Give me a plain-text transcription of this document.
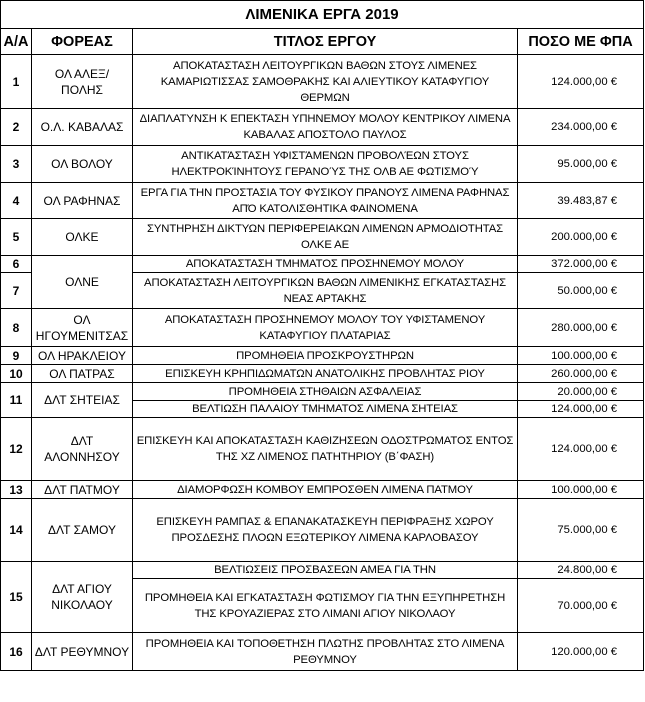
ΛΙΜΕΝΙΚΑ ΕΡΓΑ 2019			
Α/Α	ΦΟΡΕΑΣ	ΤΙΤΛΟΣ ΕΡΓΟΥ	ΠΟΣΟ ΜΕ ΦΠΑ
1	ΟΛ ΑΛΕΞ/ΠΟΛΗΣ	ΑΠΟΚΑΤΑΣΤΑΣΗ ΛΕΙΤΟΥΡΓΙΚΩΝ ΒΑΘΩΝ ΣΤΟΥΣ ΛΙΜΕΝΕΣ ΚΑΜΑΡΙΩΤΙΣΣΑΣ ΣΑΜΟΘΡΑΚΗΣ ΚΑΙ ΑΛΙΕΥΤΙΚΟΥ ΚΑΤΑΦΥΓΙΟΥ ΘΕΡΜΩΝ	124.000,00 €
2	Ο.Λ. ΚΑΒΑΛΑΣ	ΔΙΑΠΛΑΤΥΝΣΗ Κ ΕΠΕΚΤΑΣΗ ΥΠΗΝΕΜΟΥ ΜΟΛΟΥ ΚΕΝΤΡΙΚΟΥ ΛΙΜΕΝΑ ΚΑΒΑΛΑΣ ΑΠΟΣΤΟΛΟ ΠΑΥΛΟΣ	234.000,00 €
3	ΟΛ ΒΟΛΟΥ	ΑΝΤΙΚΑΤΆΣΤΑΣΗ ΥΦΙΣΤΆΜΕΝΩΝ ΠΡΟΒΟΛΈΩΝ ΣΤΟΥΣ ΗΛΕΚΤΡΟΚΊΝΗΤΟΥΣ ΓΕΡΑΝΟΎΣ ΤΗΣ ΟΛΒ ΑΕ ΦΩΤΙΣΜΟΎ	95.000,00 €
4	ΟΛ ΡΑΦΗΝΑΣ	ΕΡΓΑ ΓΙΑ ΤΗΝ ΠΡΟΣΤΑΣΙΑ ΤΟΥ ΦΥΣΙΚΟΥ ΠΡΑΝΟΥΣ ΛΙΜΕΝΑ ΡΑΦΗΝΑΣ ΑΠΌ ΚΑΤΟΛΙΣΘΗΤΙΚΑ ΦΑΙΝΟΜΕΝΑ	39.483,87 €
5	ΟΛΚΕ	ΣΥΝΤΗΡΗΣΗ ΔΙΚΤΥΩΝ ΠΕΡΙΦΕΡΕΙΑΚΩΝ ΛΙΜΕΝΩΝ ΑΡΜΟΔΙΟΤΗΤΑΣ ΟΛΚΕ ΑΕ	200.000,00 €
6	ΟΛΝΕ	ΑΠΟΚΑΤΑΣΤΑΣΗ ΤΜΗΜΑΤΟΣ ΠΡΟΣΗΝΕΜΟΥ ΜΟΛΟΥ	372.000,00 €
7		ΑΠΟΚΑΤΑΣΤΑΣΗ ΛΕΙΤΟΥΡΓΙΚΩΝ ΒΑΘΩΝ ΛΙΜΕΝΙΚΗΣ ΕΓΚΑΤΑΣΤΑΣΗΣ ΝΕΑΣ ΑΡΤΑΚΗΣ	50.000,00 €
8	ΟΛ ΗΓΟΥΜΕΝΙΤΣΑΣ	ΑΠΟΚΑΤΑΣΤΑΣΗ ΠΡΟΣΗΝΕΜΟΥ ΜΟΛΟΥ ΤΟΥ ΥΦΙΣΤΑΜΕΝΟΥ ΚΑΤΑΦΥΓΙΟΥ ΠΛΑΤΑΡΙΑΣ	280.000,00 €
9	ΟΛ ΗΡΑΚΛΕΙΟΥ	ΠΡΟΜΗΘΕΙΑ ΠΡΟΣΚΡΟΥΣΤΗΡΩΝ	100.000,00 €
10	ΟΛ ΠΑΤΡΑΣ	ΕΠΙΣΚΕΥΗ ΚΡΗΠΙΔΩΜΑΤΩΝ ΑΝΑΤΟΛΙΚΗΣ ΠΡΟΒΛΗΤΑΣ ΡΙΟΥ	260.000,00 €
11	ΔΛΤ ΣΗΤΕΙΑΣ	ΠΡΟΜΗΘΕΙΑ ΣΤΗΘΑΙΩΝ ΑΣΦΑΛΕΙΑΣ	20.000,00 €
		ΒΕΛΤΙΩΣΗ ΠΑΛΑΙΟΥ ΤΜΗΜΑΤΟΣ ΛΙΜΕΝΑ ΣΗΤΕΙΑΣ	124.000,00 €
12	ΔΛΤ ΑΛΟΝΝΗΣΟΥ	ΕΠΙΣΚΕΥΗ ΚΑΙ ΑΠΟΚΑΤΑΣΤΑΣΗ ΚΑΘΙΖΗΣΕΩΝ ΟΔΟΣΤΡΩΜΑΤΟΣ ΕΝΤΟΣ ΤΗΣ ΧΖ ΛΙΜΕΝΟΣ ΠΑΤΗΤΗΡΙΟΥ (Β΄ΦΑΣΗ)	124.000,00 €
13	ΔΛΤ ΠΑΤΜΟΥ	ΔΙΑΜΟΡΦΩΣΗ ΚΟΜΒΟΥ ΕΜΠΡΟΣΘΕΝ ΛΙΜΕΝΑ ΠΑΤΜΟΥ	100.000,00 €
14	ΔΛΤ ΣΑΜΟΥ	ΕΠΙΣΚΕΥΗ ΡΑΜΠΑΣ & ΕΠΑΝΑΚΑΤΑΣΚΕΥΗ ΠΕΡΙΦΡΑΞΗΣ ΧΩΡΟΥ ΠΡΟΣΔΕΣΗΣ ΠΛΟΩΝ ΕΞΩΤΕΡΙΚΟΥ ΛΙΜΕΝΑ ΚΑΡΛΟΒΑΣΟΥ	75.000,00 €
15	ΔΛΤ ΑΓΙΟΥ ΝΙΚΟΛΑΟΥ	ΒΕΛΤΙΩΣΕΙΣ ΠΡΟΣΒΑΣΕΩΝ ΑΜΕΑ ΓΙΑ ΤΗΝ	24.800,00 €
		ΠΡΟΜΗΘΕΙΑ ΚΑΙ ΕΓΚΑΤΑΣΤΑΣΗ ΦΩΤΙΣΜΟΥ ΓΙΑ ΤΗΝ ΕΞΥΠΗΡΕΤΗΣΗ ΤΗΣ ΚΡΟΥΑΖΙΕΡΑΣ ΣΤΟ ΛΙΜΑΝΙ ΑΓΙΟΥ ΝΙΚΟΛΑΟΥ	70.000,00 €
16	ΔΛΤ ΡΕΘΥΜΝΟΥ	ΠΡΟΜΗΘΕΙΑ ΚΑΙ ΤΟΠΟΘΕΤΗΣΗ ΠΛΩΤΗΣ ΠΡΟΒΛΗΤΑΣ ΣΤΟ ΛΙΜΕΝΑ ΡΕΘΥΜΝΟΥ	120.000,00 €
